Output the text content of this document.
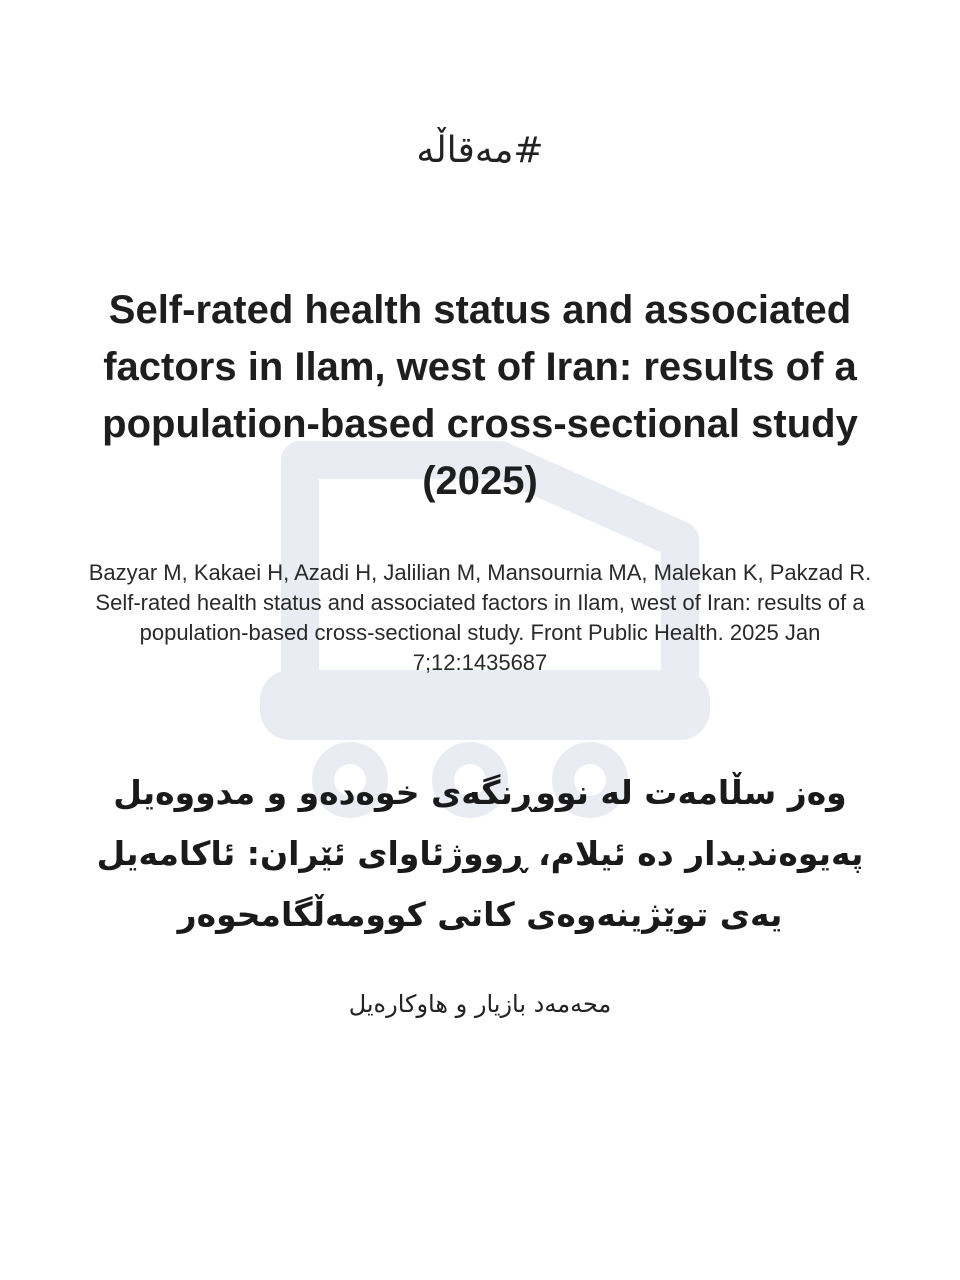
#مەقاڵە
Self-rated health status and associated factors in Ilam, west of Iran: results of a population-based cross-sectional study (2025)
Bazyar M, Kakaei H, Azadi H, Jalilian M, Mansournia MA, Malekan K, Pakzad R. Self-rated health status and associated factors in Ilam, west of Iran: results of a population-based cross-sectional study. Front Public Health. 2025 Jan 7;12:1435687
وەز سڵامەت لە نووڕنگەی خوەدەو و مدووەیل پەیوەندیدار دە ئیلام، ڕووژئاوای ئێران: ئاکامەیل یەی توێژینەوەی کاتی کوومەڵگامحوەر
محەمەد بازیار و هاوکارەیل
